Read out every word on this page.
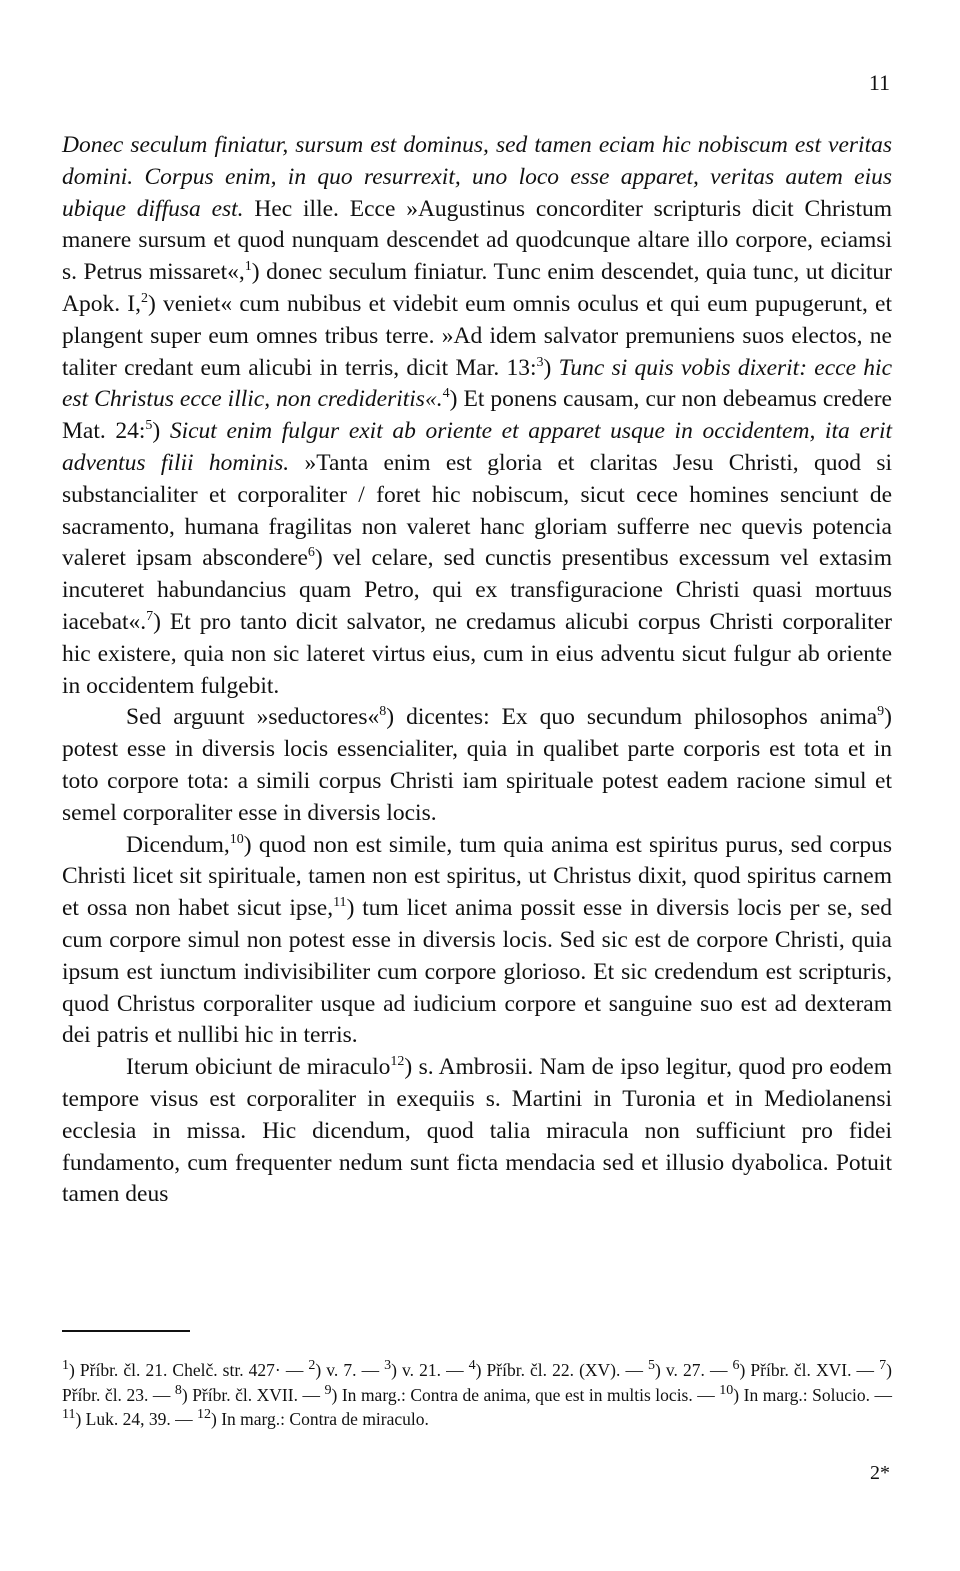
11

Donec seculum finiatur, sursum est dominus, sed tamen eciam hic nobiscum est veritas domini. Corpus enim, in quo resurrexit, uno loco esse apparet, veritas autem eius ubique diffusa est. Hec ille. Ecce »Augustinus concorditer scripturis dicit Christum manere sursum et quod nunquam descendet ad quodcunque altare illo corpore, eciamsi s. Petrus missaret«,$^1$) donec seculum finiatur. Tunc enim descendet, quia tunc, ut dicitur Apok. I,$^2$) veniet« cum nubibus et videbit eum omnis oculus et qui eum pupugerunt, et plangent super eum omnes tribus terre. »Ad idem salvator premuniens suos electos, ne taliter credant eum alicubi in terris, dicit Mar. 13:$^3$) Tunc si quis vobis dixerit: ecce hic est Christus ecce illic, non credideritis«.$^4$) Et ponens causam, cur non debeamus credere Mat. 24:$^5$) Sicut enim fulgur exit ab oriente et apparet usque in occidentem, ita erit adventus filii hominis. »Tanta enim est gloria et claritas Jesu Christi, quod si substancialiter et corporaliter / foret hic nobiscum, sicut cece homines senciunt de sacramento, humana fragilitas non valeret hanc gloriam sufferre nec quevis potencia valeret ipsam abscondere$^6$) vel celare, sed cunctis presentibus excessum vel extasim incuteret habundancius quam Petro, qui ex transfiguracione Christi quasi mortuus iacebat«.$^7$) Et pro tanto dicit salvator, ne credamus alicubi corpus Christi corporaliter hic existere, quia non sic lateret virtus eius, cum in eius adventu sicut fulgur ab oriente in occidentem fulgebit.

Sed arguunt »seductores«$^8$) dicentes: Ex quo secundum philosophos anima$^9$) potest esse in diversis locis essencialiter, quia in qualibet parte corporis est tota et in toto corpore tota: a simili corpus Christi iam spirituale potest eadem racione simul et semel corporaliter esse in diversis locis.

Dicendum,$^{10}$) quod non est simile, tum quia anima est spiritus purus, sed corpus Christi licet sit spirituale, tamen non est spiritus, ut Christus dixit, quod spiritus carnem et ossa non habet sicut ipse,$^{11}$) tum licet anima possit esse in diversis locis per se, sed cum corpore simul non potest esse in diversis locis. Sed sic est de corpore Christi, quia ipsum est iunctum indivisibiliter cum corpore glorioso. Et sic credendum est scripturis, quod Christus corporaliter usque ad iudicium corpore et sanguine suo est ad dexteram dei patris et nullibi hic in terris.

Iterum obiciunt de miraculo$^{12}$) s. Ambrosii. Nam de ipso legitur, quod pro eodem tempore visus est corporaliter in exequiis s. Martini in Turonia et in Mediolanensi ecclesia in missa. Hic dicendum, quod talia miracula non sufficiunt pro fidei fundamento, cum frequenter nedum sunt ficta mendacia sed et illusio dyabolica. Potuit tamen deus

$^1$) Příbr. čl. 21. Chelč. str. 427· — $^2$) v. 7. — $^3$) v. 21. — $^4$) Příbr. čl. 22. (XV). — $^5$) v. 27. — $^6$) Příbr. čl. XVI. — $^7$) Příbr. čl. 23. — $^8$) Příbr. čl. XVII. — $^9$) In marg.: Contra de anima, que est in multis locis. — $^{10}$) In marg.: Solucio. — $^{11}$) Luk. 24, 39. — $^{12}$) In marg.: Contra de miraculo.
2*
